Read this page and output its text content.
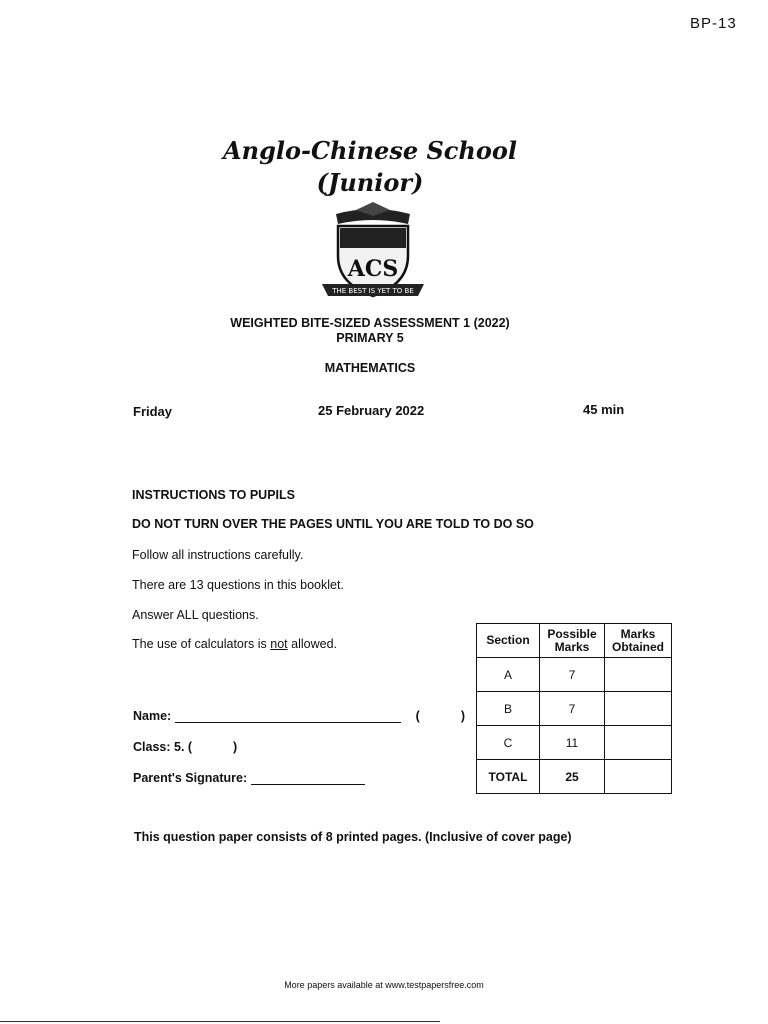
BP-13
Anglo-Chinese School
(Junior)
ACS
THE BEST IS YET TO BE
WEIGHTED BITE-SIZED ASSESSMENT 1 (2022)
PRIMARY 5
MATHEMATICS
Friday	25 February 2022	45 min
INSTRUCTIONS TO PUPILS
DO NOT TURN OVER THE PAGES UNTIL YOU ARE TOLD TO DO SO
Follow all instructions carefully.
There are 13 questions in this booklet.
Answer ALL questions.
The use of calculators is not allowed.
Name:	(	)
Class: 5. (	)
Parent's Signature:
Section	Possible Marks	Marks Obtained
A	7	
B	7	
C	11	
TOTAL	25	
This question paper consists of 8 printed pages. (Inclusive of cover page)
More papers available at www.testpapersfree.com
